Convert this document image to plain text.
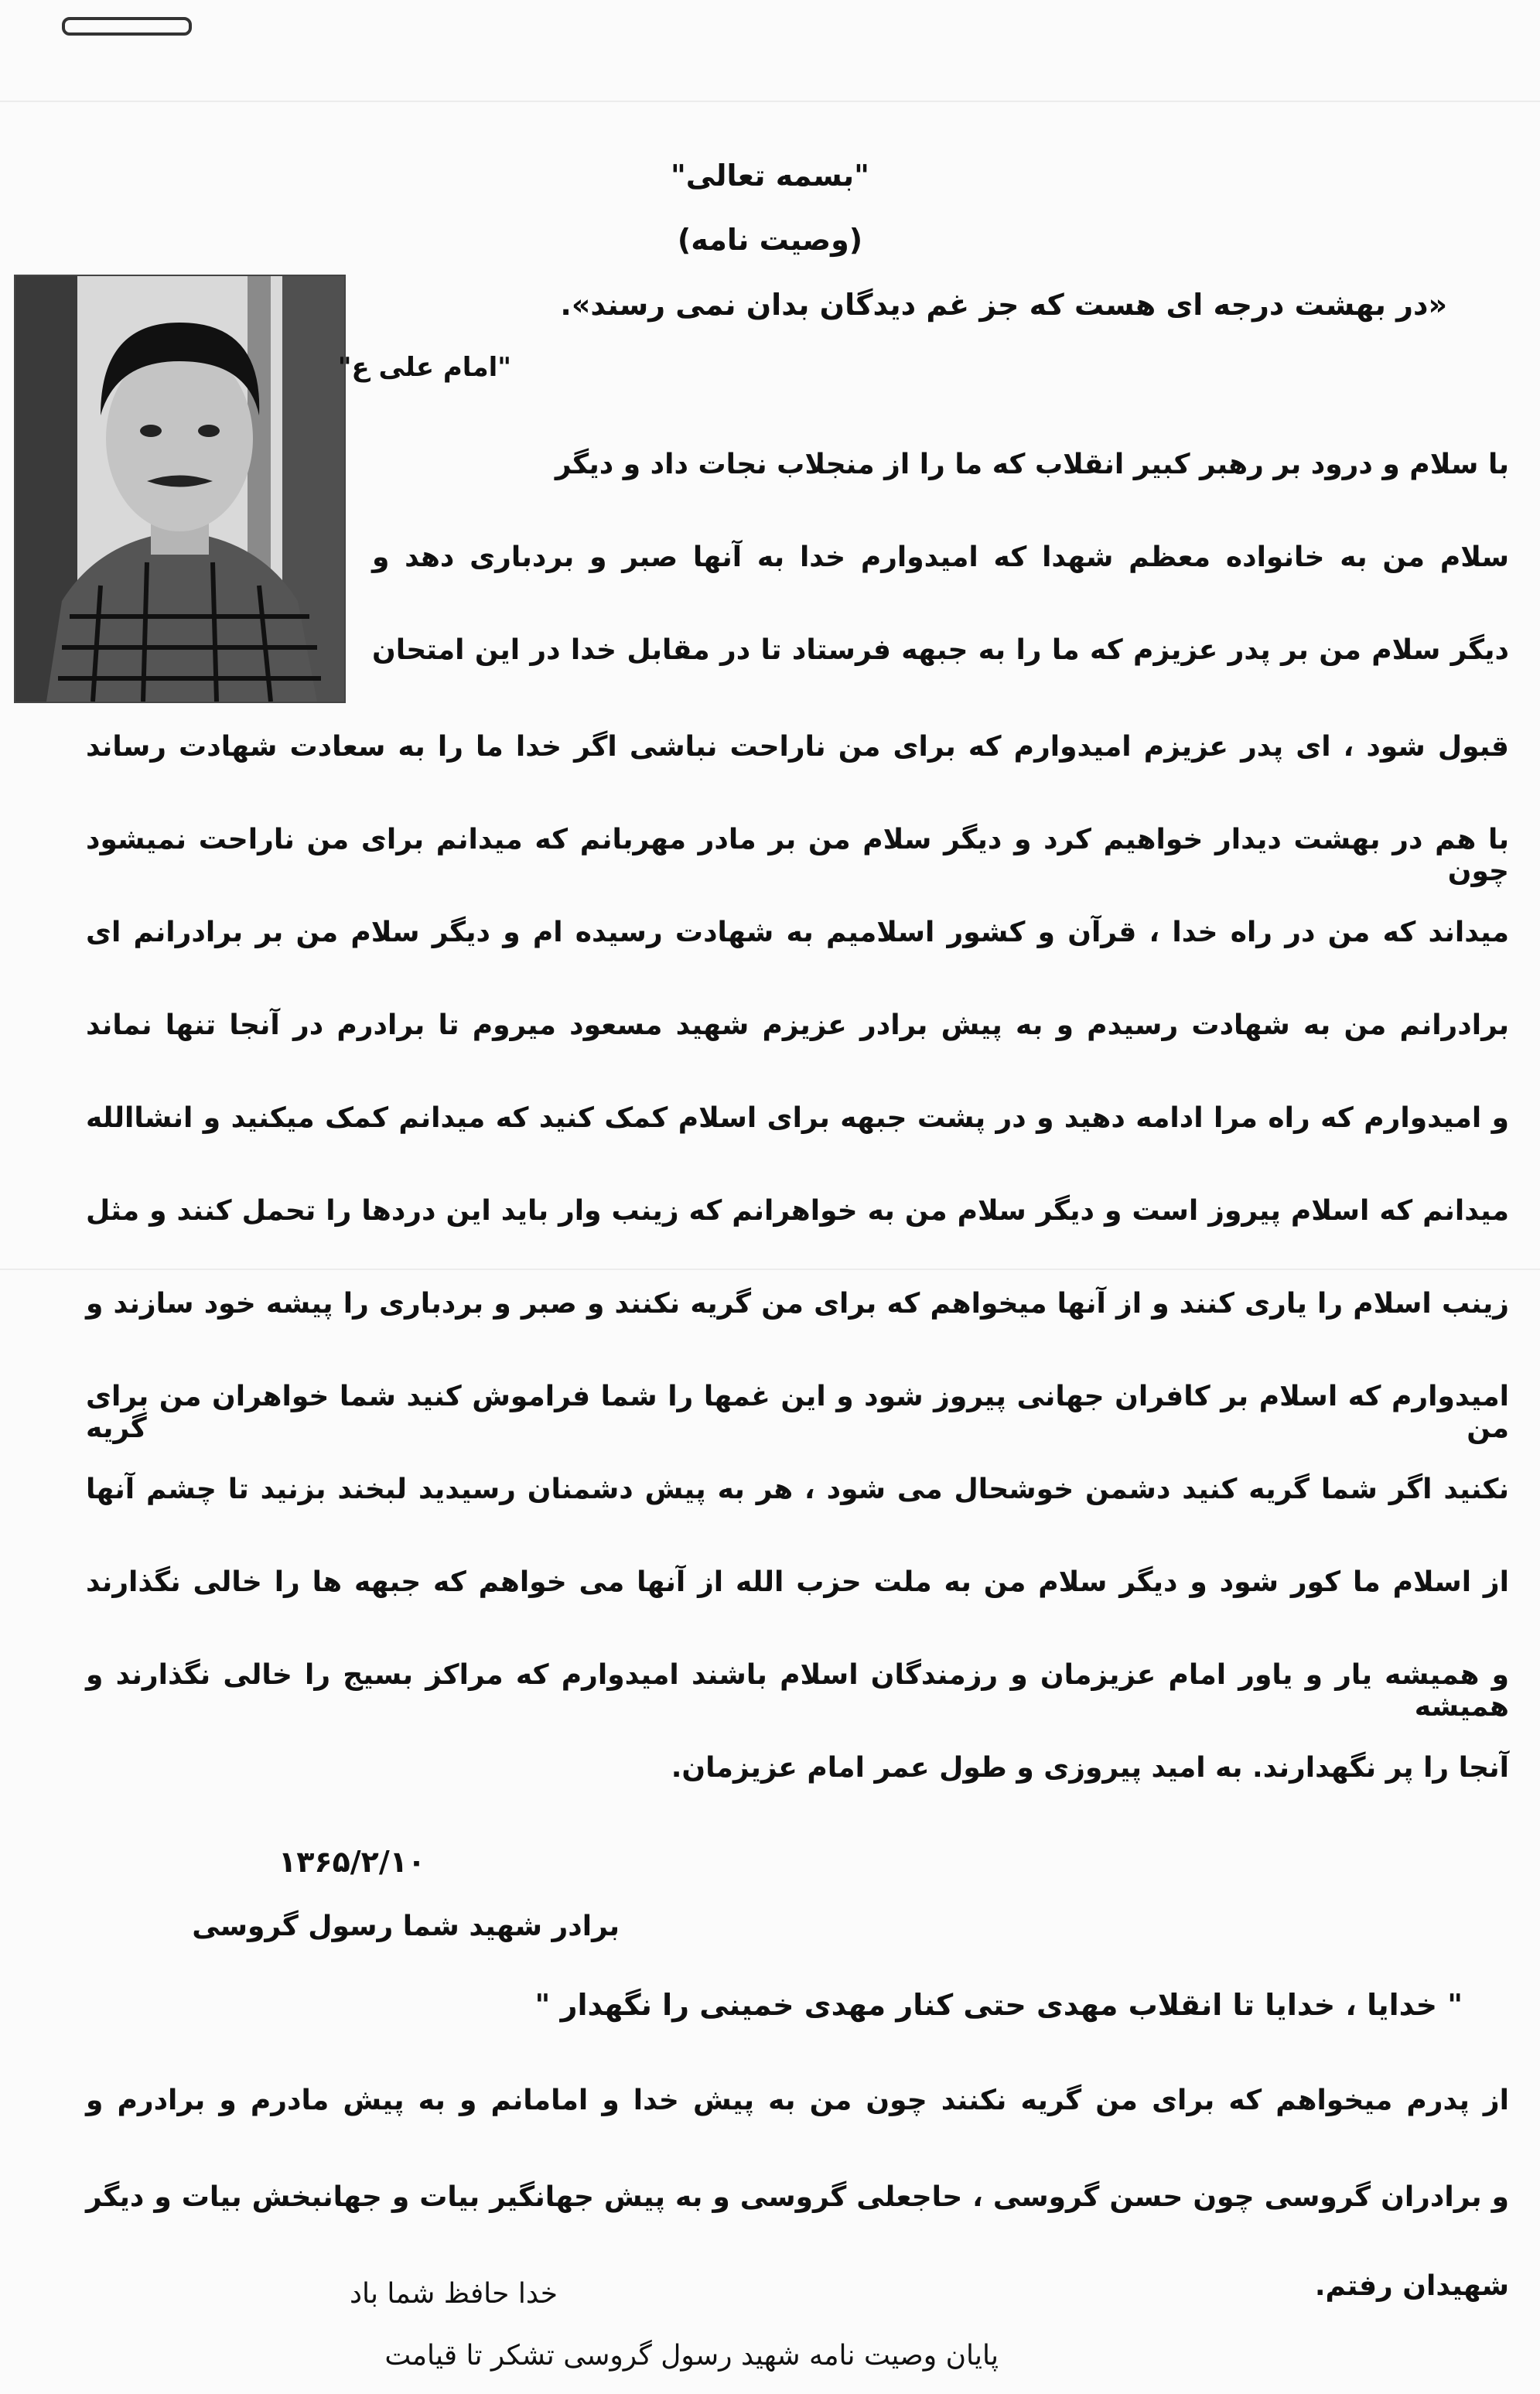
"بسمه تعالی"
(وصیت نامه)
«در بهشت درجه ای هست که جز غم دیدگان بدان نمی رسند».
"امام علی ع"
با سلام و درود بر رهبر کبیر انقلاب که ما را از منجلاب نجات داد و دیگر
سلام من به خانواده معظم شهدا که امیدوارم خدا به آنها صبر و بردباری دهد و
دیگر سلام من بر پدر عزیزم که ما را به جبهه فرستاد تا در مقابل خدا در این امتحان
قبول شود ، ای پدر عزیزم امیدوارم که برای من ناراحت نباشی اگر خدا ما را به سعادت شهادت رساند
با هم در بهشت دیدار خواهیم کرد و دیگر سلام من بر مادر مهربانم که میدانم برای من ناراحت نمیشود چون
میداند که من در راه خدا ، قرآن و کشور اسلامیم به شهادت رسیده ام و دیگر سلام من بر برادرانم ای
برادرانم من به شهادت رسیدم و به پیش برادر عزیزم شهید مسعود میروم تا برادرم در آنجا تنها نماند
و امیدوارم که راه مرا ادامه دهید و در پشت جبهه برای اسلام کمک کنید که میدانم کمک میکنید و انشاالله
میدانم که اسلام پیروز است و دیگر سلام من به خواهرانم که زینب وار باید این دردها را تحمل کنند و مثل
زینب اسلام را یاری کنند و از آنها میخواهم که برای من گریه نکنند و صبر و بردباری را پیشه خود سازند و
امیدوارم که اسلام بر کافران جهانی پیروز شود و این غمها را شما فراموش کنید شما خواهران من برای من گریه
نکنید اگر شما گریه کنید دشمن خوشحال می شود ، هر به پیش دشمنان رسیدید لبخند بزنید تا چشم آنها
از اسلام ما کور شود و دیگر سلام من به ملت حزب الله از آنها می خواهم که جبهه ها را خالی نگذارند
و همیشه یار و یاور امام عزیزمان و رزمندگان اسلام باشند امیدوارم که مراکز بسیج را خالی نگذارند و همیشه
آنجا را پر نگهدارند. به امید پیروزی و طول عمر امام عزیزمان.
۱۳۶۵/۲/۱۰
برادر شهید شما رسول گروسی
" خدایا ، خدایا تا انقلاب مهدی حتی کنار مهدی خمینی را نگهدار "
از پدرم میخواهم که برای من گریه نکنند چون من به پیش خدا و امامانم و به پیش مادرم و برادرم و
و برادران گروسی چون حسن گروسی ، حاجعلی گروسی و به پیش جهانگیر بیات و جهانبخش بیات و دیگر
شهیدان رفتم.
خدا حافظ شما باد
پایان وصیت نامه شهید رسول گروسی تشکر تا قیامت
